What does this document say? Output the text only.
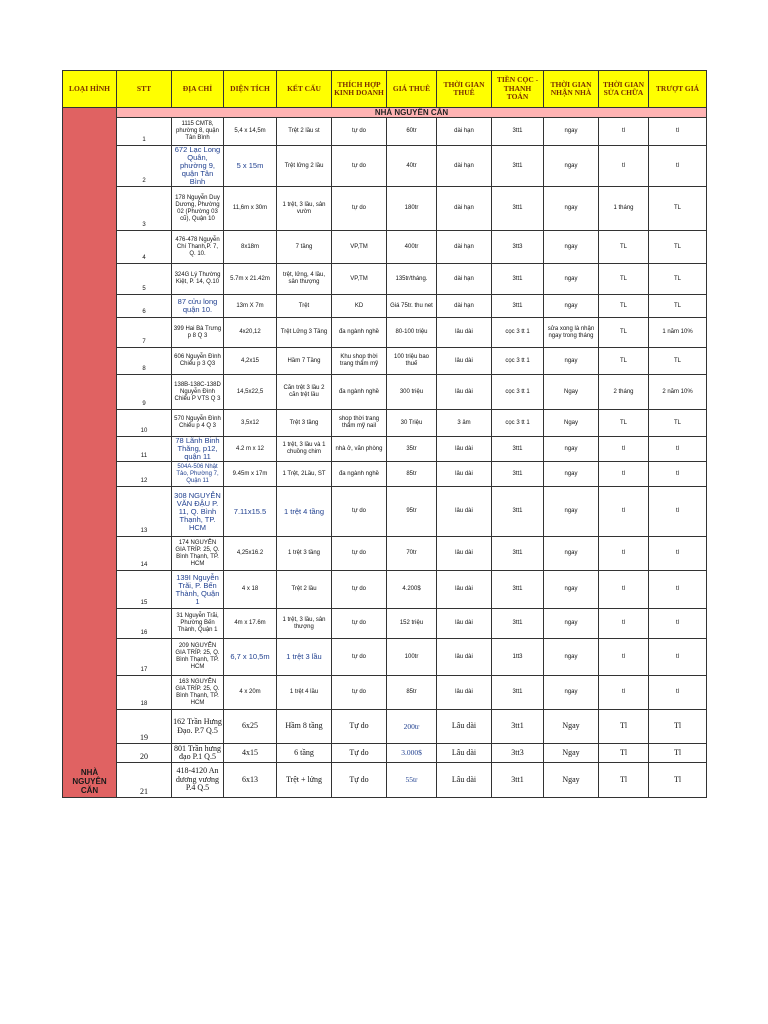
LOẠI HÌNH	STT	ĐỊA CHỈ	DIỆN TÍCH	KẾT CẤU	THÍCH HỢP KINH DOANH	GIÁ THUÊ	THỜI GIAN THUÊ	TIỀN CỌC - THANH TOÁN	THỜI GIAN NHẬN NHÀ	THỜI GIAN SỬA CHỮA	TRƯỢT GIÁ
NHÀ NGUYÊN CĂN	NHÀ NGUYÊN CĂN										
	1	1115 CMT8, phường 8, quận Tân Bình	5,4 x 14,5m	Trệt 2 lầu st	tự do	60tr	dài hạn	3tt1	ngay	tl	tl
	2	672 Lạc Long Quân, phường 9, quận Tân Bình	5 x 15m	Trệt lửng 2 lầu	tự do	40tr	dài hạn	3tt1	ngay	tl	tl
	3	178 Nguyễn Duy Dương, Phường 02 (Phường 03 cũ), Quận 10	11,6m x 30m	1 trệt, 3 lầu, sân vườn	tự do	180tr	dài hạn	3tt1	ngay	1 tháng	TL
	4	476-478 Nguyễn Chí Thanh,P. 7, Q. 10.	8x18m	7 tầng	VP,TM	400tr	dài hạn	3tt3	ngay	TL	TL
	5	324G Lý Thường Kiệt, P. 14, Q.10	5.7m x 21.42m	trệt, lửng, 4 lầu, sân thượng	VP,TM	135tr/tháng.	dài hạn	3tt1	ngay	TL	TL
	6	87 cửu long quận 10.	13m X 7m	Trệt	KD	Giá 75tr. thu net	dài hạn	3tt1	ngay	TL	TL
	7	399 Hai Bà Trưng p 8 Q 3	4x20,12	Trệt Lửng 3 Tầng	đa ngành nghề	80-100 triệu	lâu dài	cọc 3 tt 1	sửa xong là nhận ngay trong tháng	TL	1 năm 10%
	8	606 Nguyễn Đình Chiểu p 3 Q3	4,2x15	Hầm 7 Tầng	Khu shop thời trang thẩm mỹ	100 triệu bao thuế	lâu dài	cọc 3 tt 1	ngay	TL	TL
	9	138B-138C-138D Nguyễn Đình Chiểu P VTS Q 3	14,5x22,5	Căn trệt 3 lầu 2 căn trệt lầu	đa ngành nghề	300 triệu	lâu dài	cọc 3 tt 1	Ngay	2 tháng	2 năm 10%
	10	570 Nguyễn Đình Chiểu p 4 Q 3	3,5x12	Trệt 3 tầng	shop thời trang thẩm mỹ nail	30 Triệu	3 âm	cọc 3 tt 1	Ngay	TL	TL
	11	78 Lãnh Binh Thăng, p12, quận 11	4.2 m x 12	1 trệt, 3 lầu và 1 chuồng chim	nhà ở, văn phòng	35tr	lâu dài	3tt1	ngay	tl	tl
	12	504A-506 Nhật Tảo, Phường 7, Quận 11	9.45m x 17m	1 Trệt, 2Lầu, ST	đa ngành nghề	85tr	lâu dài	3tt1	ngay	tl	tl
	13	308 NGUYỄN VĂN ĐẬU P. 11, Q. Bình Thạnh, TP. HCM	7.11x15.5	1 trệt 4 tầng	tự do	95tr	lâu dài	3tt1	ngay	tl	tl
	14	174 NGUYỄN GIA TRÍP. 25, Q. Bình Thạnh, TP. HCM	4,25x16.2	1 trệt 3 tầng	tự do	70tr	lâu dài	3tt1	ngay	tl	tl
	15	139I Nguyễn Trãi, P. Bến Thành, Quận 1	4 x 18	Trệt 2 lầu	tự do	4.200$	lâu dài	3tt1	ngay	tl	tl
	16	31 Nguyễn Trãi, Phường Bến Thành, Quận 1	4m x 17.6m	1 trệt, 3 lầu, sân thượng	tự do	152 triệu	lâu dài	3tt1	ngay	tl	tl
	17	209 NGUYỄN GIA TRÍP. 25, Q. Bình Thạnh, TP. HCM	6,7 x 10,5m	1 trệt 3 lầu	tự do	100tr	lâu dài	1tt3	ngay	tl	tl
	18	163 NGUYỄN GIA TRÍP. 25, Q. Bình Thạnh, TP. HCM	4 x 20m	1 trệt 4 lầu	tự do	85tr	lâu dài	3tt1	ngay	tl	tl
	19	162 Trần Hưng Đạo. P.7 Q.5	6x25	Hầm 8 tầng	Tự do	200tr	Lâu dài	3tt1	Ngay	Tl	Tl
	20	801 Trần hưng đạo P.1 Q.5	4x15	6 tầng	Tự do	3.000$	Lâu dài	3tt3	Ngay	Tl	Tl
	21	418-4120 An dương vương P.4 Q.5	6x13	Trệt + lửng	Tự do	55tr	Lâu dài	3tt1	Ngay	Tl	Tl
